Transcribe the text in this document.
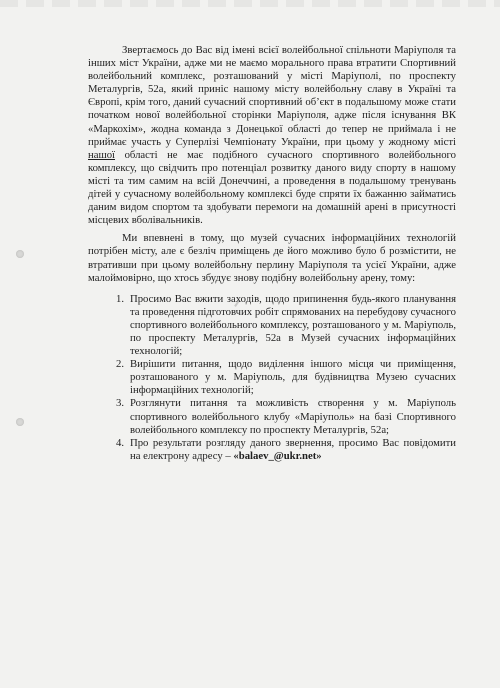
Звертаємось до Вас від імені всієї волейбольної спільноти Маріуполя та інших міст України, адже ми не маємо морального права втратити Спортивний волейбольний комплекс, розташований у місті Маріуполі, по проспекту Металургів, 52а, який приніс нашому місту волейбольну славу в Україні та Європі, крім того, даний сучасний спортивний об’єкт в подальшому може стати початком нової волейбольної сторінки Маріуполя, адже після існування ВК «Маркохім», жодна команда з Донецької області до тепер не приймала і не приймає участь у Суперлізі Чемпіонату України, при цьому у жодному місті нашої області не має подібного сучасного спортивного волейбольного комплексу, що свідчить про потенціал розвитку даного виду спорту в нашому місті та тим самим на всій Донеччині, а проведення в подальшому тренувань дітей у сучасному волейбольному комплексі буде спряти їх бажанню займатись даним видом спортом та здобувати перемоги на домашній арені в присутності місцевих вболівальників.

Ми впевнені в тому, що музей сучасних інформаційних технологій потрібен місту, але є безліч приміщень де його можливо було б розмістити, не втративши при цьому волейбольну перлину Маріуполя та усієї України, адже малоймовірно, що хтось збудує знову подібну волейбольну арену, тому:

1. Просимо Вас вжити заходів, щодо припинення будь-якого планування та проведення підготовчих робіт спрямованих на перебудову сучасного спортивного волейбольного комплексу, розташованого у м. Маріуполь, по проспекту Металургів, 52а в Музей сучасних інформаційних технологій;
2. Вирішити питання, щодо виділення іншого місця чи приміщення, розташованого у м. Маріуполь, для будівництва Музею сучасних інформаційних технологій;
3. Розглянути питання та можливість створення у м. Маріуполь спортивного волейбольного клубу «Маріуполь» на базі Спортивного волейбольного комплексу по проспекту Металургів, 52а;
4. Про результати розгляду даного звернення, просимо Вас повідомити на електрону адресу – «balaev_@ukr.net»
